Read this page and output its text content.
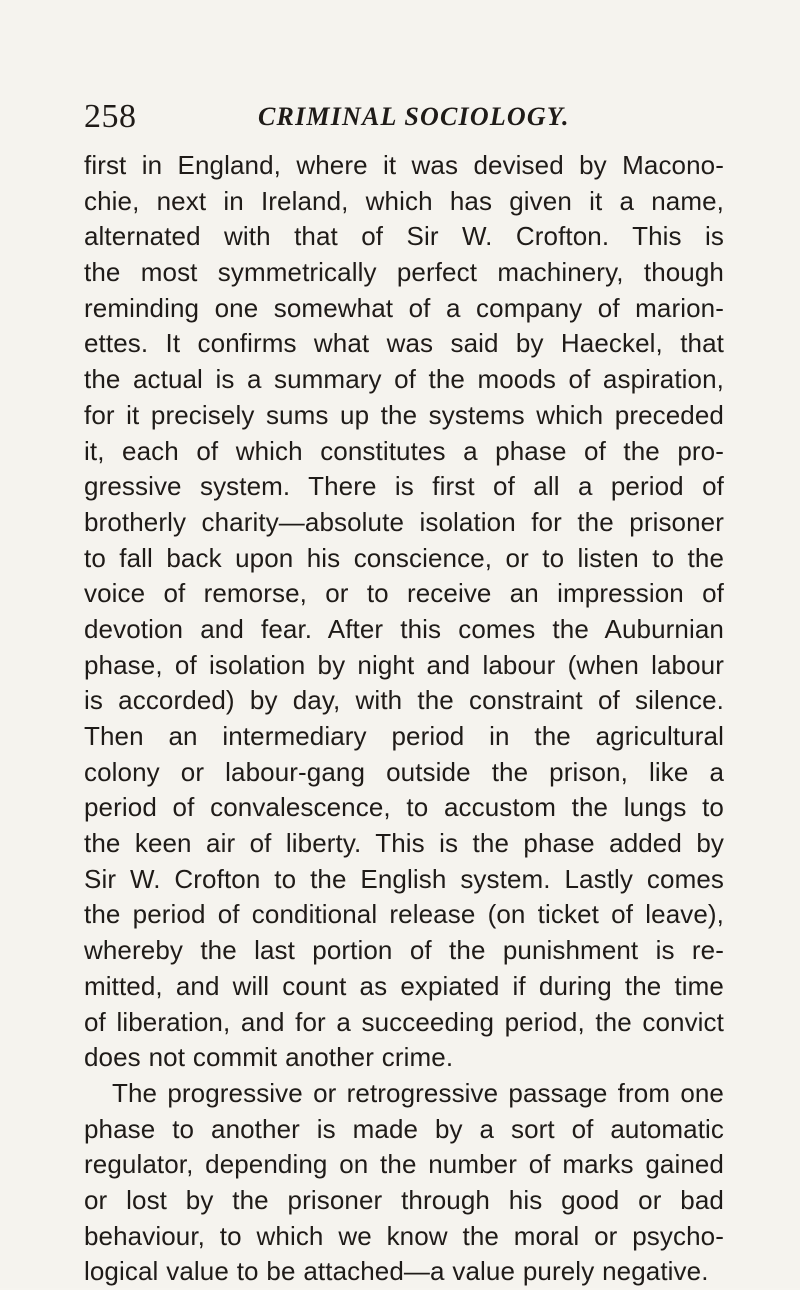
258	CRIMINAL SOCIOLOGY.
first in England, where it was devised by Macono-
chie, next in Ireland, which has given it a name,
alternated with that of Sir W. Crofton. This is
the most symmetrically perfect machinery, though
reminding one somewhat of a company of marion-
ettes. It confirms what was said by Haeckel, that
the actual is a summary of the moods of aspiration,
for it precisely sums up the systems which preceded
it, each of which constitutes a phase of the pro-
gressive system. There is first of all a period of
brotherly charity—absolute isolation for the prisoner
to fall back upon his conscience, or to listen to the
voice of remorse, or to receive an impression of
devotion and fear. After this comes the Auburnian
phase, of isolation by night and labour (when labour
is accorded) by day, with the constraint of silence.
Then an intermediary period in the agricultural
colony or labour-gang outside the prison, like a
period of convalescence, to accustom the lungs to
the keen air of liberty. This is the phase added by
Sir W. Crofton to the English system. Lastly comes
the period of conditional release (on ticket of leave),
whereby the last portion of the punishment is re-
mitted, and will count as expiated if during the time
of liberation, and for a succeeding period, the convict
does not commit another crime.
The progressive or retrogressive passage from one
phase to another is made by a sort of automatic
regulator, depending on the number of marks gained
or lost by the prisoner through his good or bad
behaviour, to which we know the moral or psycho-
logical value to be attached—a value purely negative.
